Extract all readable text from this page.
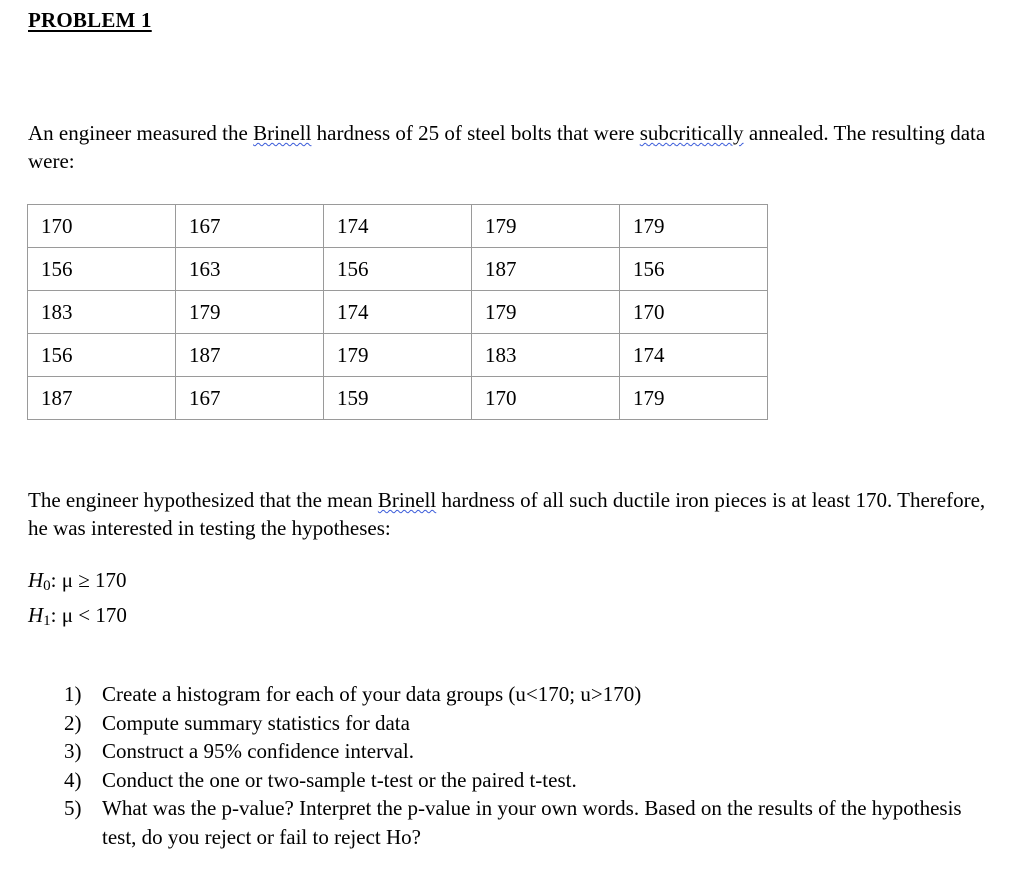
PROBLEM 1

An engineer measured the Brinell hardness of 25 of steel bolts that were subcritically annealed. The resulting data were:

170	167	174	179	179
156	163	156	187	156
183	179	174	179	170
156	187	179	183	174
187	167	159	170	179

The engineer hypothesized that the mean Brinell hardness of all such ductile iron pieces is at least 170. Therefore, he was interested in testing the hypotheses:

$H_0$: μ ≥ 170
$H_1$: μ < 170
1) Create a histogram for each of your data groups (u<170; u>170)
2) Compute summary statistics for data
3) Construct a 95% confidence interval.
4) Conduct the one or two-sample t-test or the paired t-test.
5) What was the p-value? Interpret the p-value in your own words. Based on the results of the hypothesis test, do you reject or fail to reject Ho?
